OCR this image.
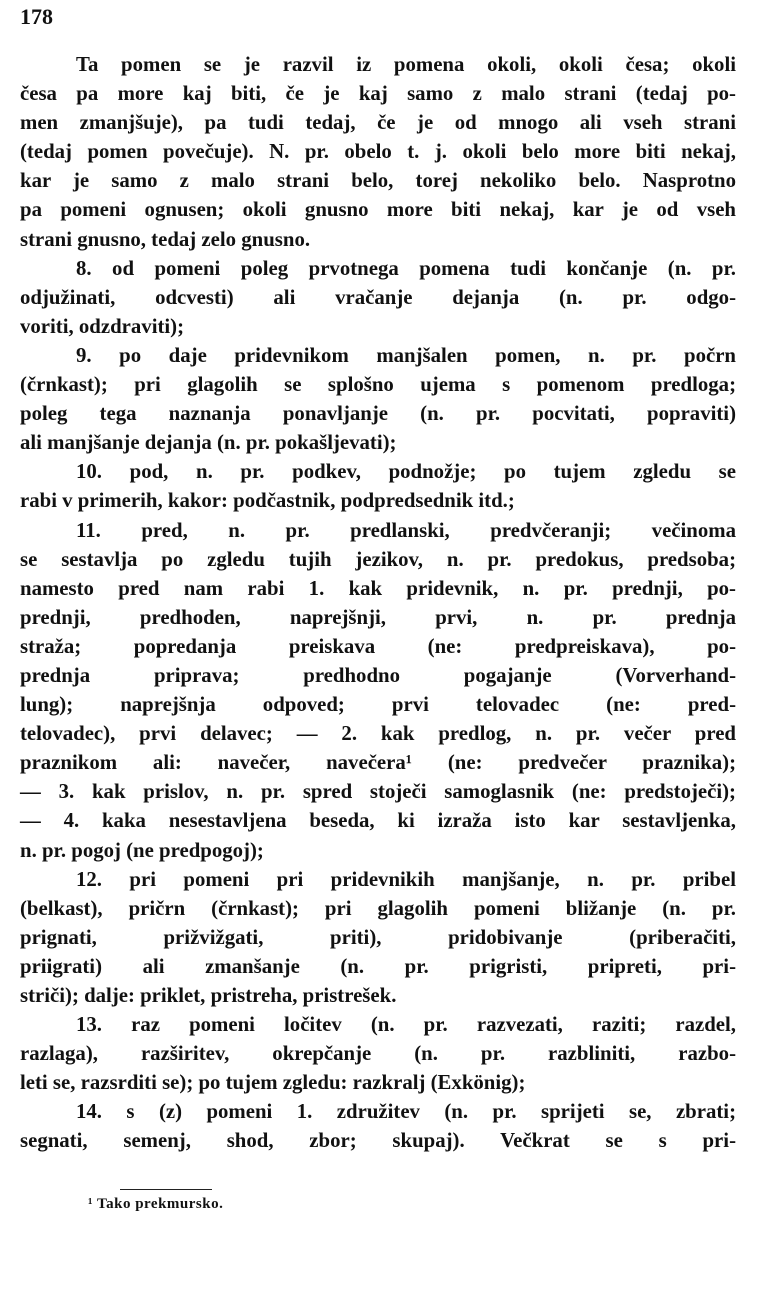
178
Ta pomen se je razvil iz pomena okoli, okoli česa; okoli
česa pa more kaj biti, če je kaj samo z malo strani (tedaj po-
men zmanjšuje), pa tudi tedaj, če je od mnogo ali vseh strani
(tedaj pomen povečuje). N. pr. obelo t. j. okoli belo more biti nekaj,
kar je samo z malo strani belo, torej nekoliko belo. Nasprotno
pa pomeni ognusen; okoli gnusno more biti nekaj, kar je od vseh
strani gnusno, tedaj zelo gnusno.
8. od pomeni poleg prvotnega pomena tudi končanje (n. pr.
odjužinati, odcvesti) ali vračanje dejanja (n. pr. odgo-
voriti, odzdraviti);
9. po daje pridevnikom manjšalen pomen, n. pr. počrn
(črnkast); pri glagolih se splošno ujema s pomenom predloga;
poleg tega naznanja ponavljanje (n. pr. pocvitati, popraviti)
ali manjšanje dejanja (n. pr. pokašljevati);
10. pod, n. pr. podkev, podnožje; po tujem zgledu se
rabi v primerih, kakor: podčastnik, podpredsednik itd.;
11. pred, n. pr. predlanski, predvčeranji; večinoma
se sestavlja po zgledu tujih jezikov, n. pr. predokus, predsoba;
namesto pred nam rabi 1. kak pridevnik, n. pr. prednji, po-
prednji, predhoden, naprejšnji, prvi, n. pr. prednja
straža; popredanja preiskava (ne: predpreiskava), po-
prednja priprava; predhodno pogajanje (Vorverhand-
lung); naprejšnja odpoved; prvi telovadec (ne: pred-
telovadec), prvi delavec; — 2. kak predlog, n. pr. večer pred
praznikom ali: navečer, navečera¹ (ne: predvečer praznika);
— 3. kak prislov, n. pr. spred stoječi samoglasnik (ne: predstoječi);
— 4. kaka nesestavljena beseda, ki izraža isto kar sestavljenka,
n. pr. pogoj (ne predpogoj);
12. pri pomeni pri pridevnikih manjšanje, n. pr. pribel
(belkast), pričrn (črnkast); pri glagolih pomeni bližanje (n. pr.
prignati, prižvižgati, priti), pridobivanje (priberačiti,
priigrati) ali zmanšanje (n. pr. prigristi, pripreti, pri-
striči); dalje: priklet, pristreha, pristrešek.
13. raz pomeni ločitev (n. pr. razvezati, raziti; razdel,
razlaga), razširitev, okrepčanje (n. pr. razbliniti, razbo-
leti se, razsrditi se); po tujem zgledu: razkralj (Exkönig);
14. s (z) pomeni 1. združitev (n. pr. sprijeti se, zbrati;
segnati, semenj, shod, zbor; skupaj). Večkrat se s pri-
¹ Tako prekmursko.
